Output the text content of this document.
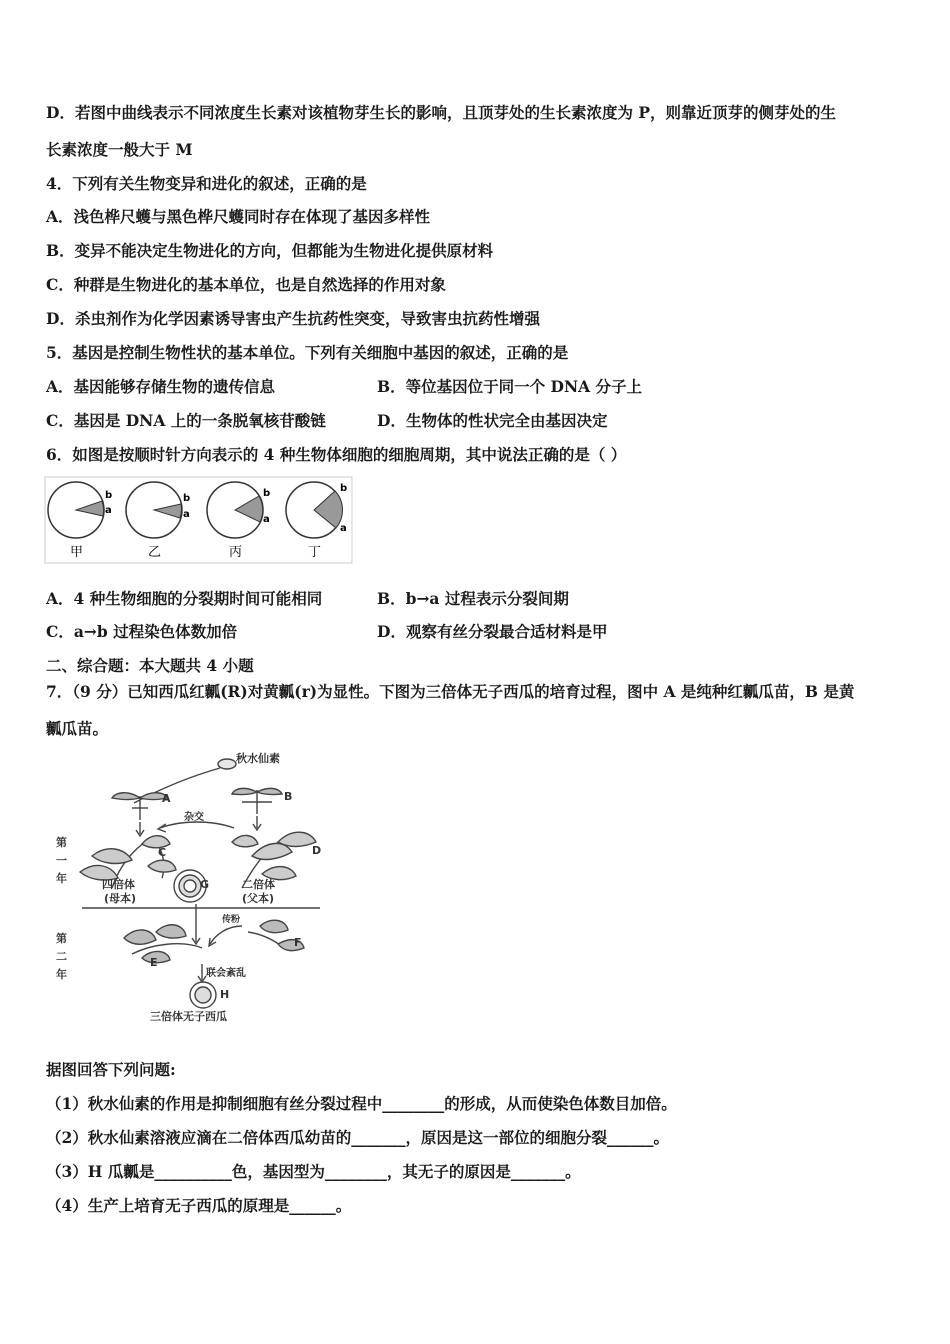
D．若图中曲线表示不同浓度生长素对该植物芽生长的影响，且顶芽处的生长素浓度为 P，则靠近顶芽的侧芽处的生
长素浓度一般大于 M
4．下列有关生物变异和进化的叙述，正确的是
A．浅色桦尺蠖与黑色桦尺蠖同时存在体现了基因多样性
B．变异不能决定生物进化的方向，但都能为生物进化提供原材料
C．种群是生物进化的基本单位，也是自然选择的作用对象
D．杀虫剂作为化学因素诱导害虫产生抗药性突变，导致害虫抗药性增强
5．基因是控制生物性状的基本单位。下列有关细胞中基因的叙述，正确的是
A．基因能够存储生物的遗传信息	B．等位基因位于同一个 DNA 分子上
C．基因是 DNA 上的一条脱氧核苷酸链	D．生物体的性状完全由基因决定
6．如图是按顺时针方向表示的 4 种生物体细胞的细胞周期，其中说法正确的是（ ）
b
a
甲
b
a
乙
b
a
丙
b
a
丁
A．4 种生物细胞的分裂期时间可能相同	B．b→a 过程表示分裂间期
C．a→b 过程染色体数加倍	D．观察有丝分裂最合适材料是甲
二、综合题：本大题共 4 小题
7．（9 分）已知西瓜红瓤(R)对黄瓤(r)为显性。下图为三倍体无子西瓜的培育过程，图中 A 是纯种红瓤瓜苗，B 是黄
瓤瓜苗。
秋水仙素
A	B
杂交
C	D
G
四倍体
(母本)
二倍体
(父本)
第
一
年
第
二
年
传粉
E
F
联会紊乱
H
三倍体无子西瓜
据图回答下列问题:
（1）秋水仙素的作用是抑制细胞有丝分裂过程中________的形成，从而使染色体数目加倍。
（2）秋水仙素溶液应滴在二倍体西瓜幼苗的_______，原因是这一部位的细胞分裂______。
（3）H 瓜瓤是__________色，基因型为________，其无子的原因是_______。
（4）生产上培育无子西瓜的原理是______。
